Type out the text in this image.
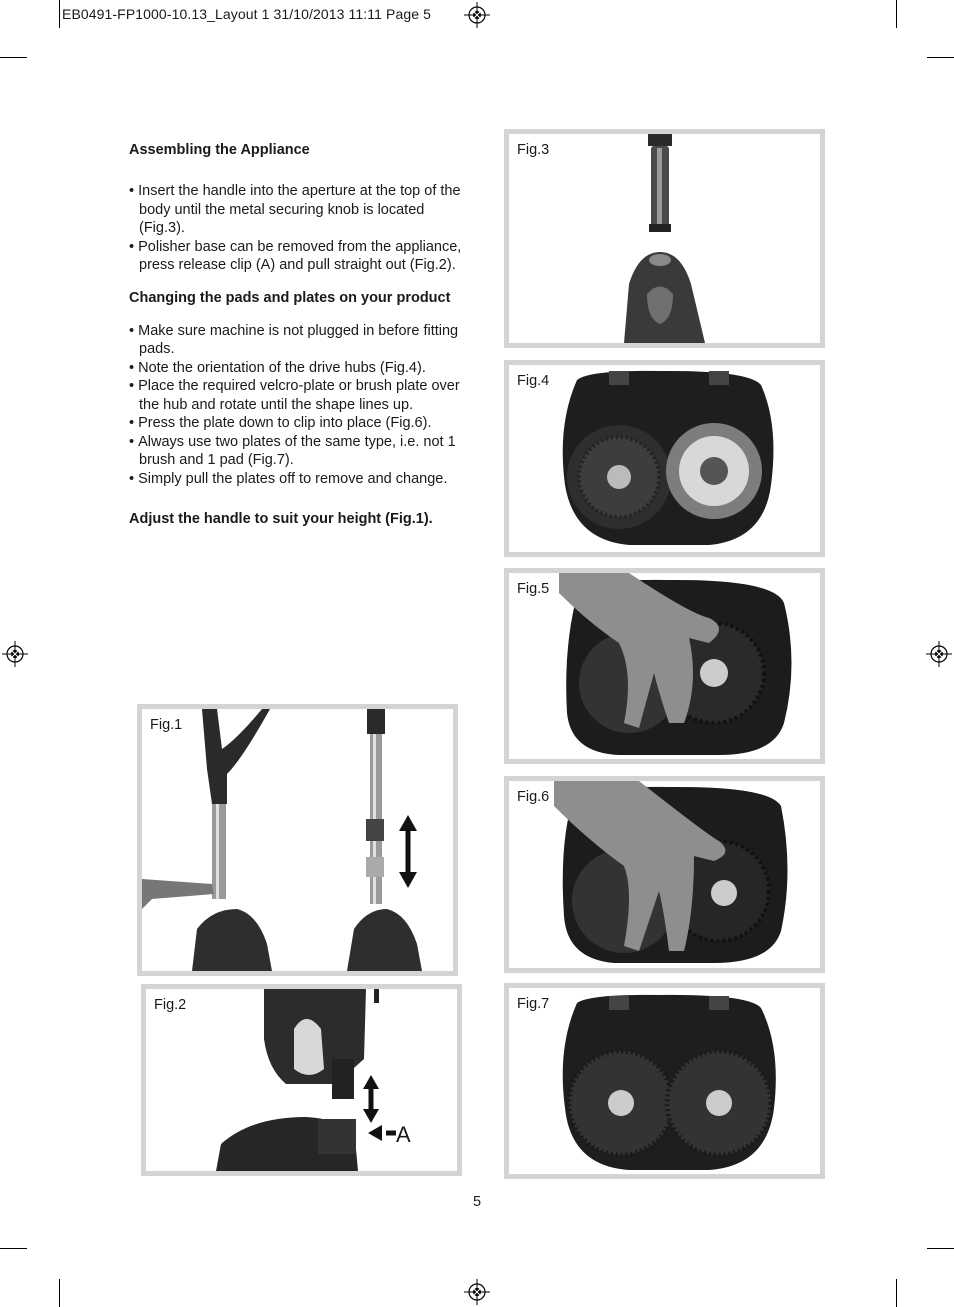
EB0491-FP1000-10.13_Layout 1 31/10/2013 11:11 Page 5
Assembling the Appliance
• Insert the handle into the aperture at the top of the body until the metal securing knob is located (Fig.3).
• Polisher base can be removed from the appliance, press release clip (A) and pull straight out (Fig.2).
Changing the pads and plates on your product
• Make sure machine is not plugged in before fitting pads.
• Note the orientation of the drive hubs (Fig.4).
• Place the required velcro-plate or brush plate over the hub and rotate until the shape lines up.
• Press the plate down to clip into place (Fig.6).
• Always use two plates of the same type, i.e. not 1 brush and 1 pad (Fig.7).
• Simply pull the plates off to remove and change.
Adjust the handle to suit your height (Fig.1).
Fig.3
Fig.4
Fig.5
Fig.6
Fig.7
Fig.1
Fig.2
A
5
